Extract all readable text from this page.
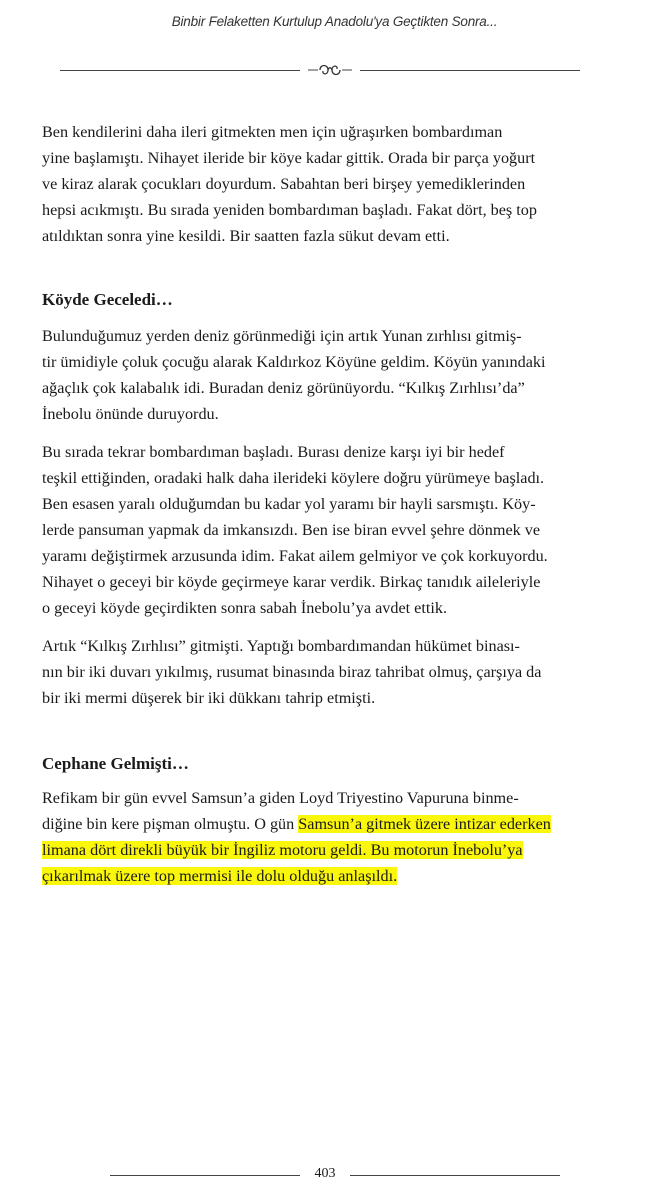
Binbir Felaketten Kurtulup Anadolu'ya Geçtikten Sonra...
Ben kendilerini daha ileri gitmekten men için uğraşırken bombardıman
yine başlamıştı. Nihayet ileride bir köye kadar gittik. Orada bir parça yoğurt
ve kiraz alarak çocukları doyurdum. Sabahtan beri birşey yemediklerinden
hepsi acıkmıştı. Bu sırada yeniden bombardıman başladı. Fakat dört, beş top
atıldıktan sonra yine kesildi. Bir saatten fazla sükut devam etti.

Köyde Geceledi…

Bulunduğumuz yerden deniz görünmediği için artık Yunan zırhlısı gitmiş-
tir ümidiyle çoluk çocuğu alarak Kaldırkoz Köyüne geldim. Köyün yanındaki
ağaçlık çok kalabalık idi. Buradan deniz görünüyordu. “Kılkış Zırhlısı’da”
İnebolu önünde duruyordu.
Bu sırada tekrar bombardıman başladı. Burası denize karşı iyi bir hedef
teşkil ettiğinden, oradaki halk daha ilerideki köylere doğru yürümeye başladı.
Ben esasen yaralı olduğumdan bu kadar yol yaramı bir hayli sarsmıştı. Köy-
lerde pansuman yapmak da imkansızdı. Ben ise biran evvel şehre dönmek ve
yaramı değiştirmek arzusunda idim. Fakat ailem gelmiyor ve çok korkuyordu.
Nihayet o geceyi bir köyde geçirmeye karar verdik. Birkaç tanıdık aileleriyle
o geceyi köyde geçirdikten sonra sabah İnebolu’ya avdet ettik.
Artık “Kılkış Zırhlısı” gitmişti. Yaptığı bombardımandan hükümet binası-
nın bir iki duvarı yıkılmış, rusumat binasında biraz tahribat olmuş, çarşıya da
bir iki mermi düşerek bir iki dükkanı tahrip etmişti.

Cephane Gelmişti…

Refikam bir gün evvel Samsun’a giden Loyd Triyestino Vapuruna binme-
diğine bin kere pişman olmuştu. O gün Samsun’a gitmek üzere intizar ederken
limana dört direkli büyük bir İngiliz motoru geldi. Bu motorun İnebolu’ya
çıkarılmak üzere top mermisi ile dolu olduğu anlaşıldı.
403
